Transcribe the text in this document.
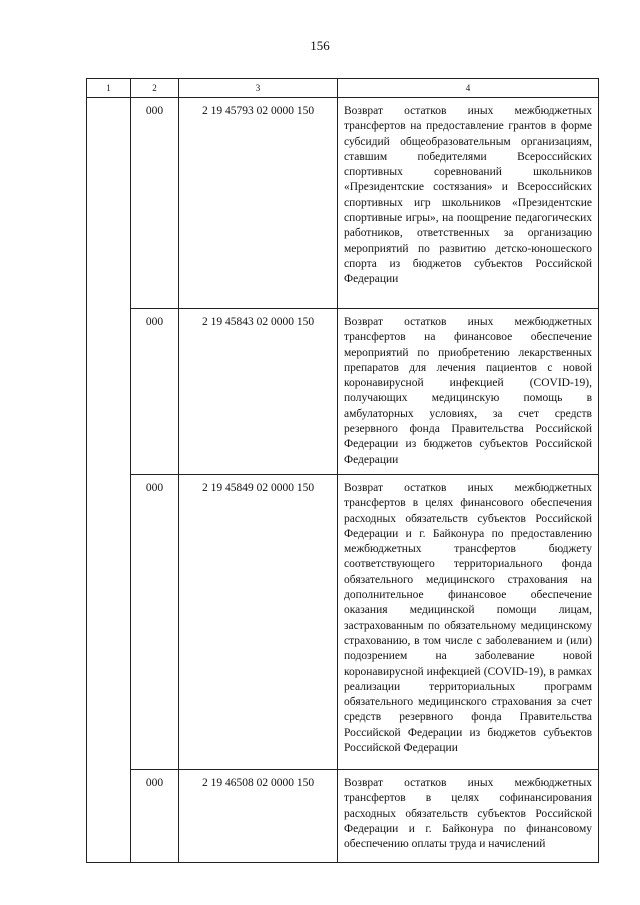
156
1	2	3	4
	000	2 19 45793 02 0000 150	Возврат остатков иных межбюджетных трансфертов на предоставление грантов в форме субсидий общеобразовательным организациям, ставшим победителями Всероссийских спортивных соревнований школьников «Президентские состязания» и Всероссийских спортивных игр школьников «Президентские спортивные игры», на поощрение педагогических работников, ответственных за организацию мероприятий по развитию детско-юношеского спорта из бюджетов субъектов Российской Федерации
	000	2 19 45843 02 0000 150	Возврат остатков иных межбюджетных трансфертов на финансовое обеспечение мероприятий по приобретению лекарственных препаратов для лечения пациентов с новой коронавирусной инфекцией (COVID-19), получающих медицинскую помощь в амбулаторных условиях, за счет средств резервного фонда Правительства Российской Федерации из бюджетов субъектов Российской Федерации
	000	2 19 45849 02 0000 150	Возврат остатков иных межбюджетных трансфертов в целях финансового обеспечения расходных обязательств субъектов Российской Федерации и г. Байконура по предоставлению межбюджетных трансфертов бюджету соответствующего территориального фонда обязательного медицинского страхования на дополнительное финансовое обеспечение оказания медицинской помощи лицам, застрахованным по обязательному медицинскому страхованию, в том числе с заболеванием и (или) подозрением на заболевание новой коронавирусной инфекцией (COVID-19), в рамках реализации территориальных программ обязательного медицинского страхования за счет средств резервного фонда Правительства Российской Федерации из бюджетов субъектов Российской Федерации
	000	2 19 46508 02 0000 150	Возврат остатков иных межбюджетных трансфертов в целях софинансирования расходных обязательств субъектов Российской Федерации и г. Байконура по финансовому обеспечению оплаты труда и начислений
